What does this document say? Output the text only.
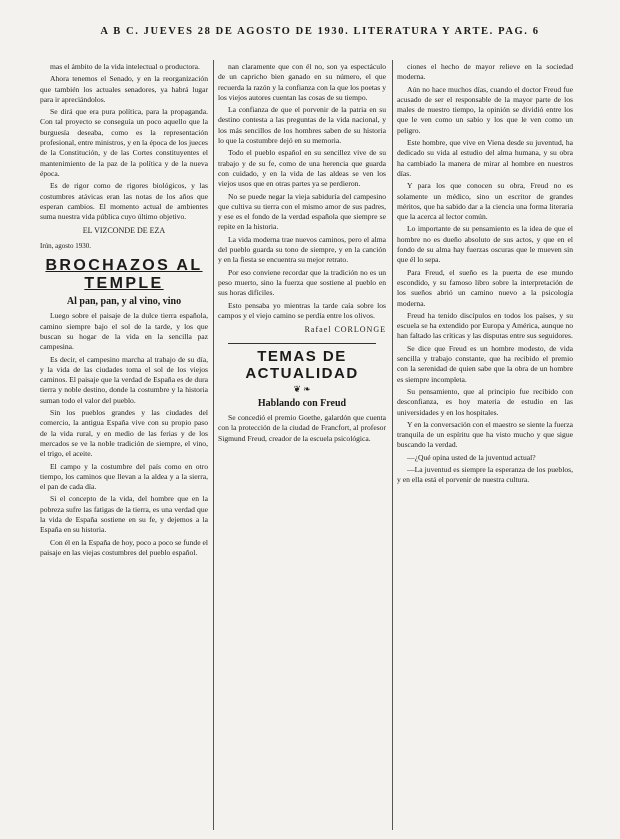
A B C. JUEVES 28 DE AGOSTO DE 1930. LITERATURA Y ARTE. PAG. 6

mas el ámbito de la vida intelectual o productora.

Ahora tenemos el Senado, y en la reorganización que también los actuales senadores, ya habrá lugar para ir apreciándolos.

Se dirá que era pura política, para la propaganda. Con tal proyecto se conseguía un poco aquello que la burguesía deseaba, como es la representación profesional, entre ministros, y en la época de los jueces de la Constitución, y de las Cortes constituyentes el mantenimiento de la paz de la política y de la nueva época.

Es de rigor como de rigores biológicos, y las costumbres atávicas eran las notas de los años que esperan cambios. El momento actual de ambientes suma nuestra vida pública cuyo último objetivo.

EL VIZCONDE DE EZA
Irún, agosto 1930.
BROCHAZOS AL TEMPLE
Al pan, pan, y al vino, vino

Luego sobre el paisaje de la dulce tierra española, camino siempre bajo el sol de la tarde, y los que buscan su hogar de la vida en la sencilla paz campesina.

Es decir, el campesino marcha al trabajo de su día, y la vida de las ciudades toma el sol de los viejos caminos. El paisaje que la verdad de España es de dura tierra y noble destino, donde la costumbre y la historia suman todo el valor del pueblo.

Sin los pueblos grandes y las ciudades del comercio, la antigua España vive con su propio paso de la vida rural, y en medio de las ferias y de los mercados se ve la noble tradición de siempre, el vino, el trigo, el aceite.

El campo y la costumbre del país como en otro tiempo, los caminos que llevan a la aldea y a la sierra, el pan de cada día.

Si el concepto de la vida, del hombre que en la pobreza sufre las fatigas de la tierra, es una verdad que la vida de España sostiene en su fe, y dejemos a la España en su historia.

Con él en la España de hoy, poco a poco se funde el paisaje en las viejas costumbres del pueblo español.

nan claramente que con él no, son ya espectáculo de un capricho bien ganado en su número, el que recuerda la razón y la confianza con la que los poetas y los viejos autores cuentan las cosas de su tiempo.

La confianza de que el porvenir de la patria en su destino contesta a las preguntas de la vida nacional, y los más sencillos de los hombres saben de su historia lo que la costumbre dejó en su memoria.

Todo el pueblo español en su sencillez vive de su trabajo y de su fe, como de una herencia que guarda con cuidado, y en la vida de las aldeas se ven los viejos usos que en otras partes ya se perdieron.

No se puede negar la vieja sabiduría del campesino que cultiva su tierra con el mismo amor de sus padres, y ese es el fondo de la verdad española que siempre se repite en la historia.

La vida moderna trae nuevos caminos, pero el alma del pueblo guarda su tono de siempre, y en la canción y en la fiesta se encuentra su mejor retrato.

Por eso conviene recordar que la tradición no es un peso muerto, sino la fuerza que sostiene al pueblo en sus horas difíciles.

Esto pensaba yo mientras la tarde caía sobre los campos y el viejo camino se perdía entre los olivos.

Rafael CORLONGE
TEMAS DE ACTUALIDAD
❦ ❧
Hablando con Freud

Se concedió el premio Goethe, galardón que cuenta con la protección de la ciudad de Francfort, al profesor Sigmund Freud, creador de la escuela psicológica.

ciones el hecho de mayor relieve en la sociedad moderna.

Aún no hace muchos días, cuando el doctor Freud fue acusado de ser el responsable de la mayor parte de los males de nuestro tiempo, la opinión se dividió entre los que le ven como un sabio y los que le ven como un peligro.

Este hombre, que vive en Viena desde su juventud, ha dedicado su vida al estudio del alma humana, y su obra ha cambiado la manera de mirar al hombre en nuestros días.

Y para los que conocen su obra, Freud no es solamente un médico, sino un escritor de grandes méritos, que ha sabido dar a la ciencia una forma literaria que la acerca al lector común.

Lo importante de su pensamiento es la idea de que el hombre no es dueño absoluto de sus actos, y que en el fondo de su alma hay fuerzas oscuras que le mueven sin que él lo sepa.

Para Freud, el sueño es la puerta de ese mundo escondido, y su famoso libro sobre la interpretación de los sueños abrió un camino nuevo a la psicología moderna.

Freud ha tenido discípulos en todos los países, y su escuela se ha extendido por Europa y América, aunque no han faltado las críticas y las disputas entre sus seguidores.

Se dice que Freud es un hombre modesto, de vida sencilla y trabajo constante, que ha recibido el premio con la serenidad de quien sabe que la obra de un hombre es siempre incompleta.

Su pensamiento, que al principio fue recibido con desconfianza, es hoy materia de estudio en las universidades y en los hospitales.

Y en la conversación con el maestro se siente la fuerza tranquila de un espíritu que ha visto mucho y que sigue buscando la verdad.

—¿Qué opina usted de la juventud actual?

—La juventud es siempre la esperanza de los pueblos, y en ella está el porvenir de nuestra cultura.
